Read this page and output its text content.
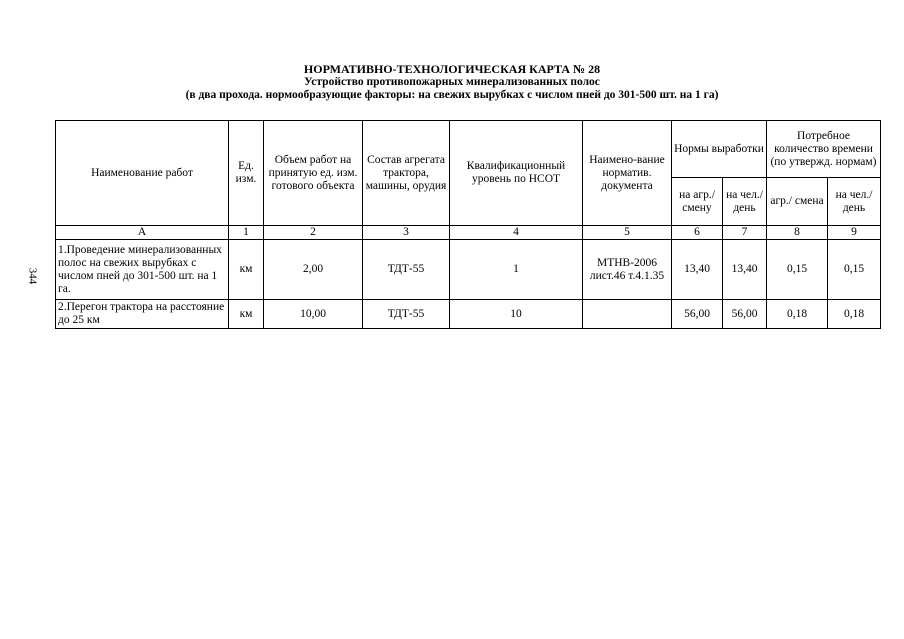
НОРМАТИВНО-ТЕХНОЛОГИЧЕСКАЯ КАРТА № 28
Устройство противопожарных минерализованных полос
(в два прохода. нормообразующие факторы: на свежих вырубках с числом пней до 301-500 шт. на 1 га)
344
Наименование работ	Ед. изм.	Объем работ на принятую ед. изм. готового объекта	Состав агрегата трактора, машины, орудия	Квалификационный уровень по НСОТ	Наимено-вание норматив. документа	Нормы выработки		Потребное количество времени (по утвержд. нормам)	
						на агр./ смену	на чел./ день	агр./ смена	на чел./ день
А	1	2	3	4	5	6	7	8	9
1.Проведение минерализованных полос на свежих вырубках с числом пней до 301-500 шт. на 1 га.	км	2,00	ТДТ-55	1	МТНВ-2006 лист.46 т.4.1.35	13,40	13,40	0,15	0,15
2.Перегон трактора на расстояние до 25 км	км	10,00	ТДТ-55	10		56,00	56,00	0,18	0,18
